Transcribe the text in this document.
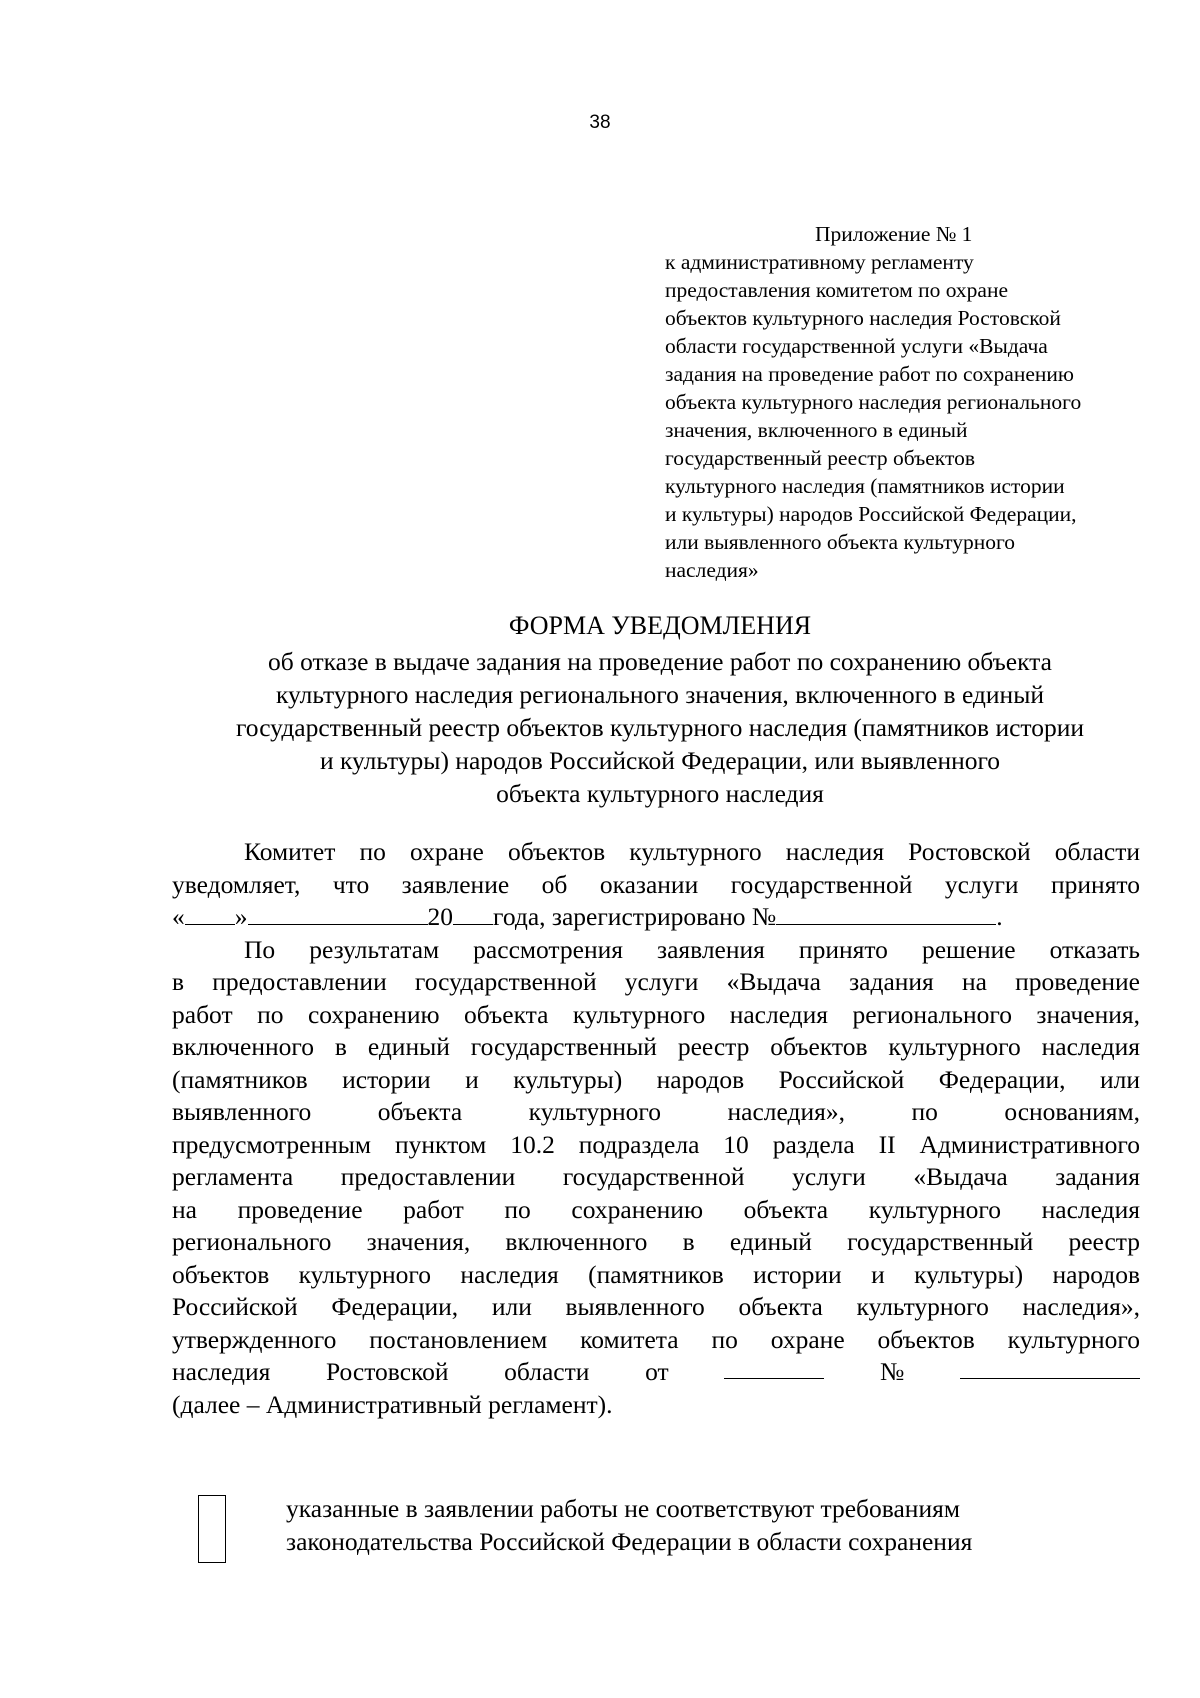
38
Приложение № 1
к административному регламенту
предоставления комитетом по охране
объектов культурного наследия Ростовской
области государственной услуги «Выдача
задания на проведение работ по сохранению
объекта культурного наследия регионального
значения, включенного в единый
государственный реестр объектов
культурного наследия (памятников истории
и культуры) народов Российской Федерации,
или выявленного объекта культурного
наследия»
ФОРМА УВЕДОМЛЕНИЯ
об отказе в выдаче задания на проведение работ по сохранению объекта
культурного наследия регионального значения, включенного в единый
государственный реестр объектов культурного наследия (памятников истории
и культуры) народов Российской Федерации, или выявленного
объекта культурного наследия
Комитет по охране объектов культурного наследия Ростовской области
уведомляет, что заявление об оказании государственной услуги принято
« »	20 года, зарегистрировано №	.
По результатам рассмотрения заявления принято решение отказать
в предоставлении государственной услуги «Выдача задания на проведение
работ по сохранению объекта культурного наследия регионального значения,
включенного в единый государственный реестр объектов культурного наследия
(памятников истории и культуры) народов Российской Федерации, или
выявленного объекта культурного наследия», по основаниям,
предусмотренным пунктом 10.2 подраздела 10 раздела II Административного
регламента предоставлении государственной услуги «Выдача задания
на проведение работ по сохранению объекта культурного наследия
регионального значения, включенного в единый государственный реестр
объектов культурного наследия (памятников истории и культуры) народов
Российской Федерации, или выявленного объекта культурного наследия»,
утвержденного постановлением комитета по охране объектов культурного
наследия Ростовской области от	№
(далее – Административный регламент).
указанные в заявлении работы не соответствуют требованиям
законодательства Российской Федерации в области сохранения
